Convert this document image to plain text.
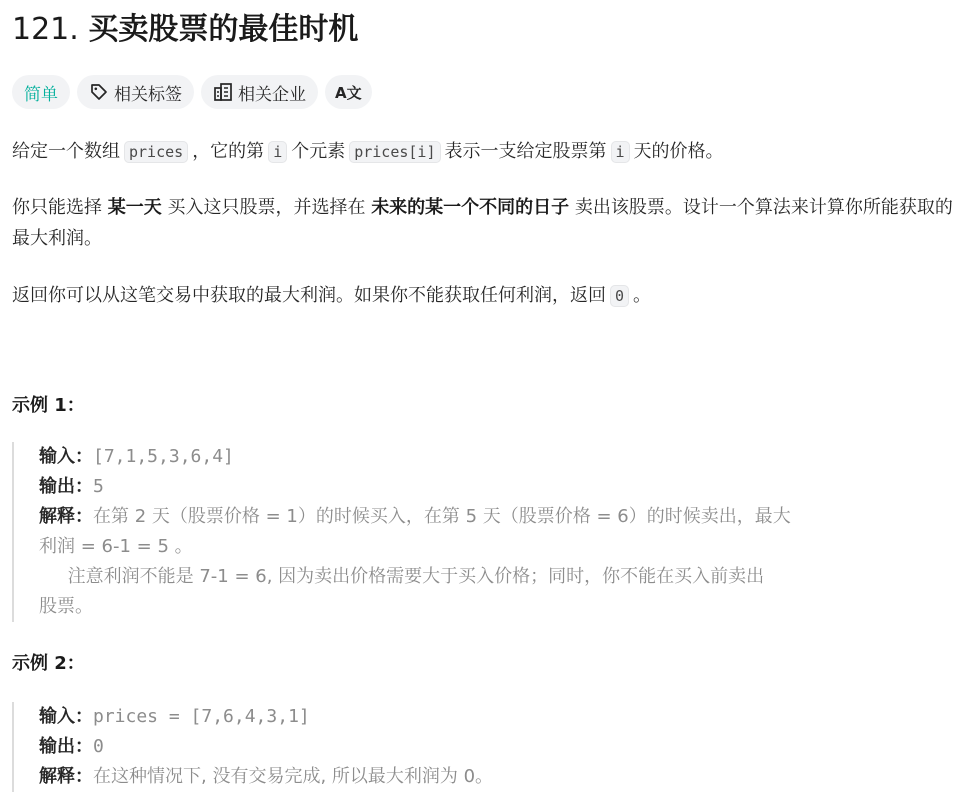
121. 买卖股票的最佳时机
简单	相关标签	相关企业 A文
给定一个数组 prices ，它的第 i 个元素 prices[i] 表示一支给定股票第 i 天的价格。
你只能选择 某一天 买入这只股票，并选择在 未来的某一个不同的日子 卖出该股票。设计一个算法来计算你所能获取的最大利润。
返回你可以从这笔交易中获取的最大利润。如果你不能获取任何利润，返回 0 。
示例 1：
输入：[7,1,5,3,6,4]
输出：5
解释：在第 2 天（股票价格 = 1）的时候买入，在第 5 天（股票价格 = 6）的时候卖出，最大
利润 = 6-1 = 5 。
注意利润不能是 7-1 = 6, 因为卖出价格需要大于买入价格；同时，你不能在买入前卖出
股票。
示例 2：
输入：prices = [7,6,4,3,1]
输出：0
解释：在这种情况下, 没有交易完成, 所以最大利润为 0。
